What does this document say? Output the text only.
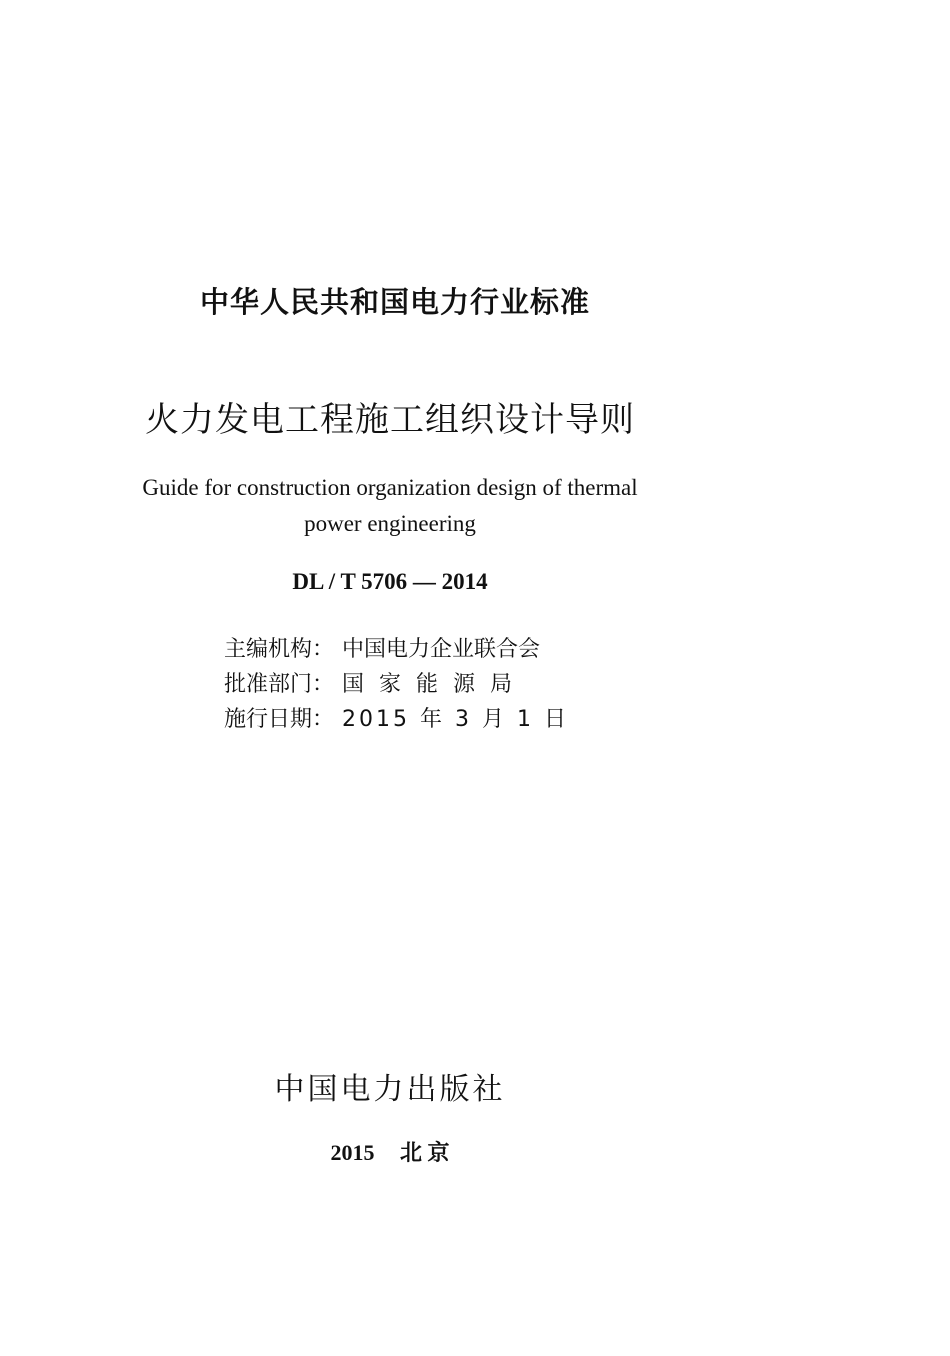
中华人民共和国电力行业标准
火力发电工程施工组织设计导则
Guide for construction organization design of thermal
power engineering
DL / T 5706 — 2014
主编机构： 中国电力企业联合会
批准部门： 国家能源局
施行日期： 2015 年 3 月 1 日
中国电力出版社
2015 北 京
